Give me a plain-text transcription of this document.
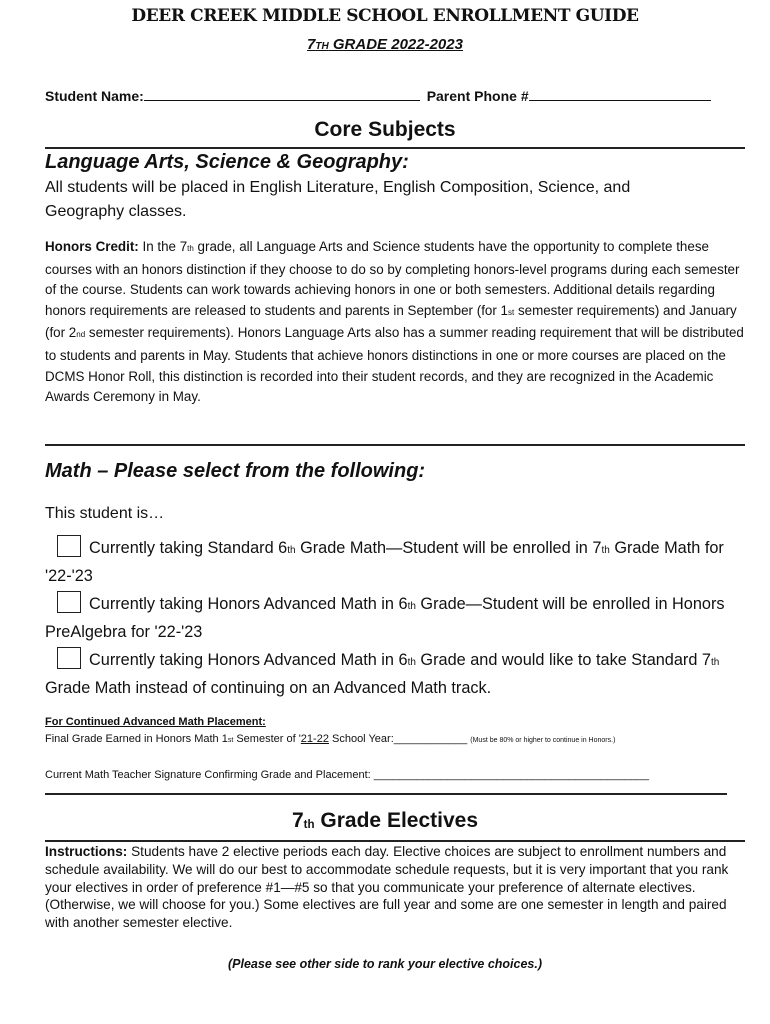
DEER CREEK MIDDLE SCHOOL ENROLLMENT GUIDE
7TH GRADE 2022-2023
Student Name:	Parent Phone #
Core Subjects
Language Arts, Science & Geography:
All students will be placed in English Literature, English Composition, Science, and Geography classes.
Honors Credit: In the 7th grade, all Language Arts and Science students have the opportunity to complete these courses with an honors distinction if they choose to do so by completing honors-level programs during each semester of the course. Students can work towards achieving honors in one or both semesters. Additional details regarding honors requirements are released to students and parents in September (for 1st semester requirements) and January (for 2nd semester requirements). Honors Language Arts also has a summer reading requirement that will be distributed to students and parents in May. Students that achieve honors distinctions in one or more courses are placed on the DCMS Honor Roll, this distinction is recorded into their student records, and they are recognized in the Academic Awards Ceremony in May.
Math – Please select from the following:
This student is…
Currently taking Standard 6th Grade Math—Student will be enrolled in 7th Grade Math for '22-'23
Currently taking Honors Advanced Math in 6th Grade—Student will be enrolled in Honors PreAlgebra for '22-'23
Currently taking Honors Advanced Math in 6th Grade and would like to take Standard 7th Grade Math instead of continuing on an Advanced Math track.
For Continued Advanced Math Placement:
Final Grade Earned in Honors Math 1st Semester of '21-22 School Year:____________ (Must be 80% or higher to continue in Honors.)
Current Math Teacher Signature Confirming Grade and Placement: _____________________________________________
$7_{th}$ Grade Electives
Instructions: Students have 2 elective periods each day. Elective choices are subject to enrollment numbers and schedule availability. We will do our best to accommodate schedule requests, but it is very important that you rank your electives in order of preference #1—#5 so that you communicate your preference of alternate electives. (Otherwise, we will choose for you.) Some electives are full year and some are one semester in length and paired with another semester elective.
(Please see other side to rank your elective choices.)
